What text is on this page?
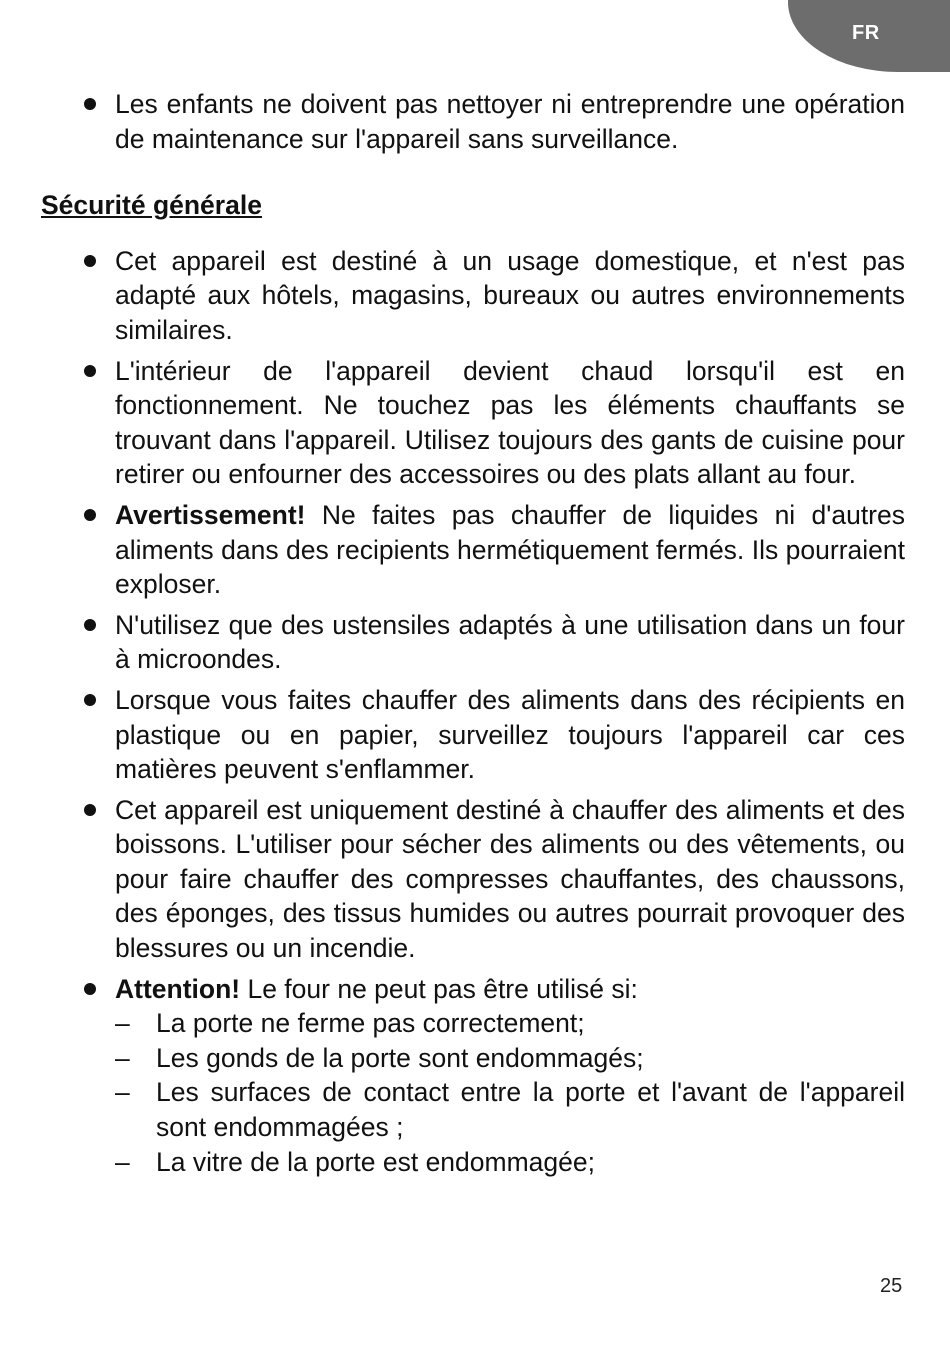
FR
Les enfants ne doivent pas nettoyer ni entreprendre une opération de maintenance sur l'appareil sans surveillance.
Sécurité générale
Cet appareil est destiné à un usage domestique, et n'est pas adapté aux hôtels, magasins, bureaux ou autres environnements similaires.
L'intérieur de l'appareil devient chaud lorsqu'il est en fonctionnement. Ne touchez pas les éléments chauffants se trouvant dans l'appareil. Utilisez toujours des gants de cuisine pour retirer ou enfourner des accessoires ou des plats allant au four.
Avertissement! Ne faites pas chauffer de liquides ni d'autres aliments dans des recipients hermétiquement fermés. Ils pourraient exploser.
N'utilisez que des ustensiles adaptés à une utilisation dans un four à microondes.
Lorsque vous faites chauffer des aliments dans des récipients en plastique ou en papier, surveillez toujours l'appareil car ces matières peuvent s'enflammer.
Cet appareil est uniquement destiné à chauffer des aliments et des boissons. L'utiliser pour sécher des aliments ou des vêtements, ou pour faire chauffer des compresses chauffantes, des chaussons, des éponges, des tissus humides ou autres pourrait provoquer des blessures ou un incendie.
Attention! Le four ne peut pas être utilisé si:
– La porte ne ferme pas correctement;
– Les gonds de la porte sont endommagés;
– Les surfaces de contact entre la porte et l'avant de l'appareil sont endommagées ;
– La vitre de la porte est endommagée;
25
